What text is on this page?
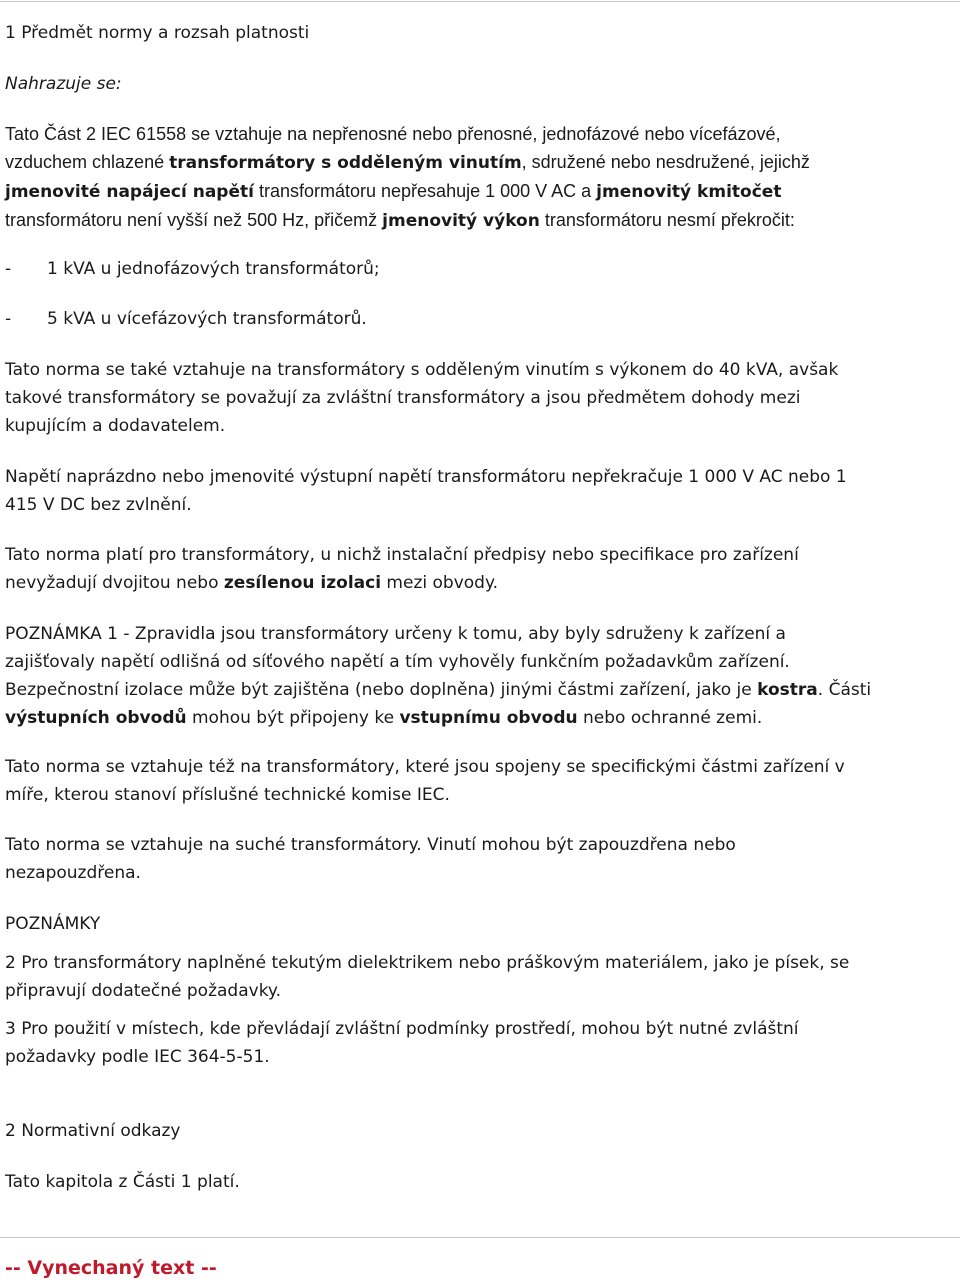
1 Předmět normy a rozsah platnosti

Nahrazuje se:

Tato Část 2 IEC 61558 se vztahuje na nepřenosné nebo přenosné, jednofázové nebo vícefázové,
vzduchem chlazené transformátory s odděleným vinutím, sdružené nebo nesdružené, jejichž
jmenovité napájecí napětí transformátoru nepřesahuje 1 000 V AC a jmenovitý kmitočet
transformátoru není vyšší než 500 Hz, přičemž jmenovitý výkon transformátoru nesmí překročit:

- 1 kVA u jednofázových transformátorů;

- 5 kVA u vícefázových transformátorů.

Tato norma se také vztahuje na transformátory s odděleným vinutím s výkonem do 40 kVA, avšak
takové transformátory se považují za zvláštní transformátory a jsou předmětem dohody mezi
kupujícím a dodavatelem.
Napětí naprázdno nebo jmenovité výstupní napětí transformátoru nepřekračuje 1 000 V AC nebo 1
415 V DC bez zvlnění.
Tato norma platí pro transformátory, u nichž instalační předpisy nebo specifikace pro zařízení
nevyžadují dvojitou nebo zesílenou izolaci mezi obvody.
POZNÁMKA 1 - Zpravidla jsou transformátory určeny k tomu, aby byly sdruženy k zařízení a
zajišťovaly napětí odlišná od síťového napětí a tím vyhověly funkčním požadavkům zařízení.
Bezpečnostní izolace může být zajištěna (nebo doplněna) jinými částmi zařízení, jako je kostra. Části
výstupních obvodů mohou být připojeny ke vstupnímu obvodu nebo ochranné zemi.
Tato norma se vztahuje též na transformátory, které jsou spojeny se specifickými částmi zařízení v
míře, kterou stanoví příslušné technické komise IEC.
Tato norma se vztahuje na suché transformátory. Vinutí mohou být zapouzdřena nebo
nezapouzdřena.

POZNÁMKY

2 Pro transformátory naplněné tekutým dielektrikem nebo práškovým materiálem, jako je písek, se
připravují dodatečné požadavky.
3 Pro použití v místech, kde převládají zvláštní podmínky prostředí, mohou být nutné zvláštní
požadavky podle IEC 364-5-51.

2 Normativní odkazy

Tato kapitola z Části 1 platí.

-- Vynechaný text --
